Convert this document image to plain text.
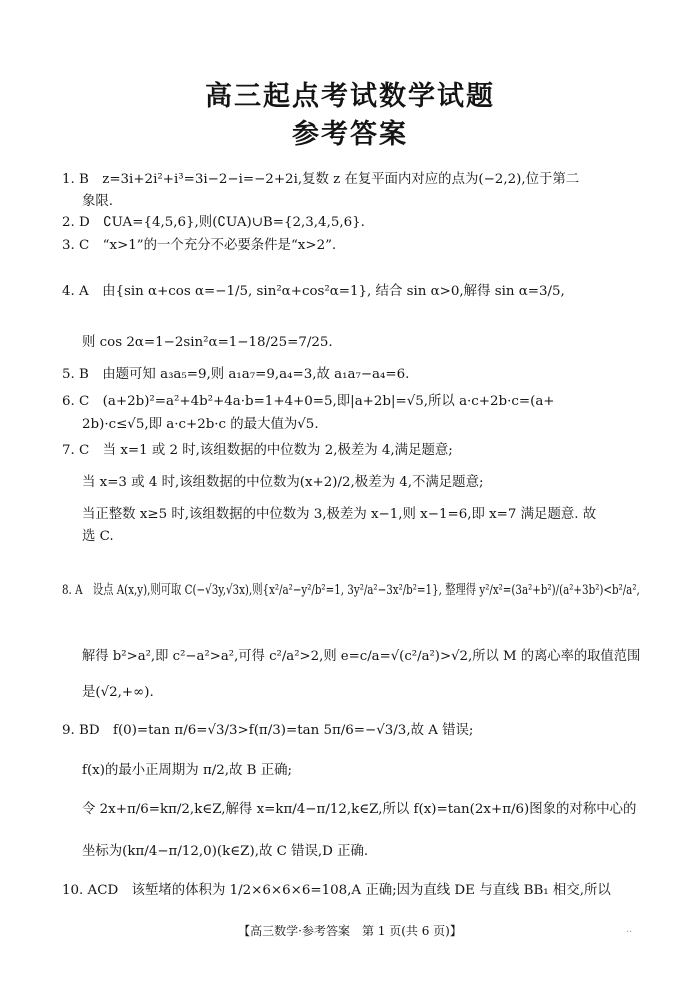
高三起点考试数学试题
参考答案
1. B　z=3i+2i²+i³=3i−2−i=−2+2i,复数 z 在复平面内对应的点为(−2,2),位于第二
象限.
2. D　∁UA={4,5,6},则(∁UA)∪B={2,3,4,5,6}.
3. C　“x>1”的一个充分不必要条件是“x>2”.
4. A　由{sin α+cos α=−1/5, sin²α+cos²α=1}, 结合 sin α>0,解得 sin α=3/5,
则 cos 2α=1−2sin²α=1−18/25=7/25.
5. B　由题可知 a₃a₅=9,则 a₁a₇=9,a₄=3,故 a₁a₇−a₄=6.
6. C　(a+2b)²=a²+4b²+4a·b=1+4+0=5,即|a+2b|=√5,所以 a·c+2b·c=(a+
2b)·c≤√5,即 a·c+2b·c 的最大值为√5.
7. C　当 x=1 或 2 时,该组数据的中位数为 2,极差为 4,满足题意;
当 x=3 或 4 时,该组数据的中位数为(x+2)/2,极差为 4,不满足题意;
当正整数 x≥5 时,该组数据的中位数为 3,极差为 x−1,则 x−1=6,即 x=7 满足题意. 故
选 C.
8. A　设点 A(x,y),则可取 C(−√3y,√3x),则{x²/a²−y²/b²=1, 3y²/a²−3x²/b²=1}, 整理得 y²/x²=(3a²+b²)/(a²+3b²)<b²/a²,
解得 b²>a²,即 c²−a²>a²,可得 c²/a²>2,则 e=c/a=√(c²/a²)>√2,所以 M 的离心率的取值范围
是(√2,+∞).
9. BD　f(0)=tan π/6=√3/3>f(π/3)=tan 5π/6=−√3/3,故 A 错误;
f(x)的最小正周期为 π/2,故 B 正确;
令 2x+π/6=kπ/2,k∈Z,解得 x=kπ/4−π/12,k∈Z,所以 f(x)=tan(2x+π/6)图象的对称中心的
坐标为(kπ/4−π/12,0)(k∈Z),故 C 错误,D 正确.
10. ACD　该堑堵的体积为 1/2×6×6×6=108,A 正确;因为直线 DE 与直线 BB₁ 相交,所以
【高三数学·参考答案　第 1 页(共 6 页)】	..
